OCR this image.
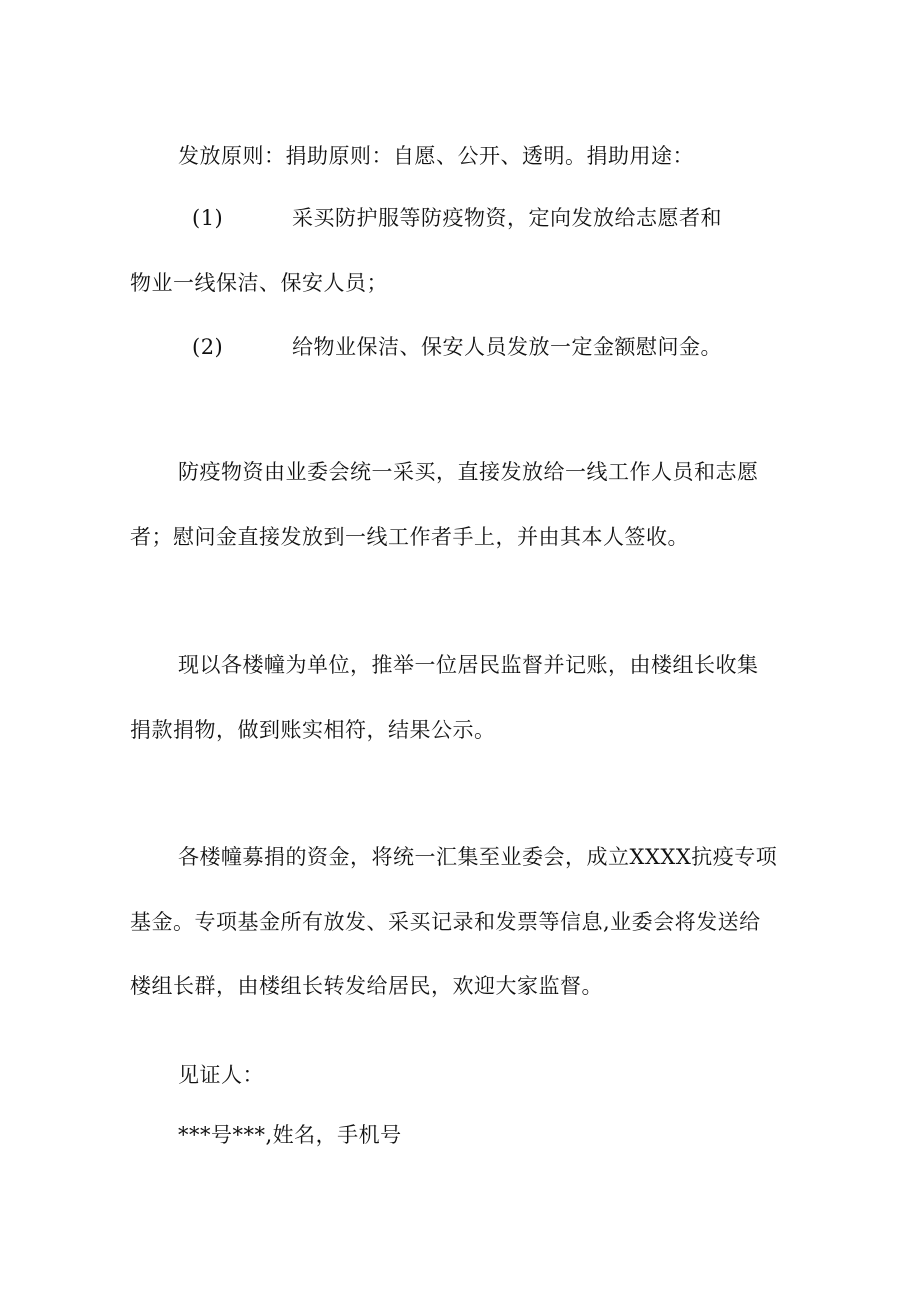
发放原则：捐助原则：自愿、公开、透明。捐助用途：
(1)	采买防护服等防疫物资，定向发放给志愿者和
物业一线保洁、保安人员；
(2)	给物业保洁、保安人员发放一定金额慰问金。
防疫物资由业委会统一采买，直接发放给一线工作人员和志愿
者；慰问金直接发放到一线工作者手上，并由其本人签收。
现以各楼幢为单位，推举一位居民监督并记账，由楼组长收集
捐款捐物，做到账实相符，结果公示。
各楼幢募捐的资金，将统一汇集至业委会，成立XXXX抗疫专项
基金。专项基金所有放发、采买记录和发票等信息,业委会将发送给
楼组长群，由楼组长转发给居民，欢迎大家监督。
见证人：
***号***,姓名，手机号
